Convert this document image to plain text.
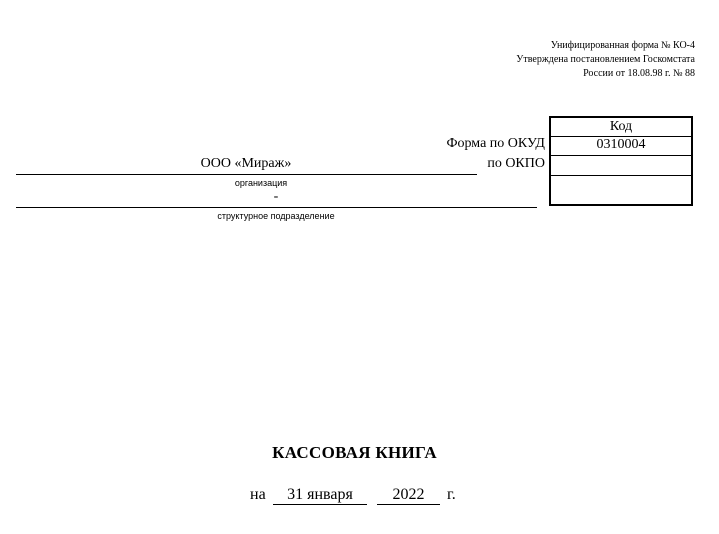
Унифицированная форма № КО-4
Утверждена постановлением Госкомстата
России от 18.08.98 г. № 88
Код
0310004
Форма по ОКУД
ООО «Мираж»	по ОКПО
организация
-
структурное подразделение
КАССОВАЯ КНИГА
на	31 января	2022	г.
